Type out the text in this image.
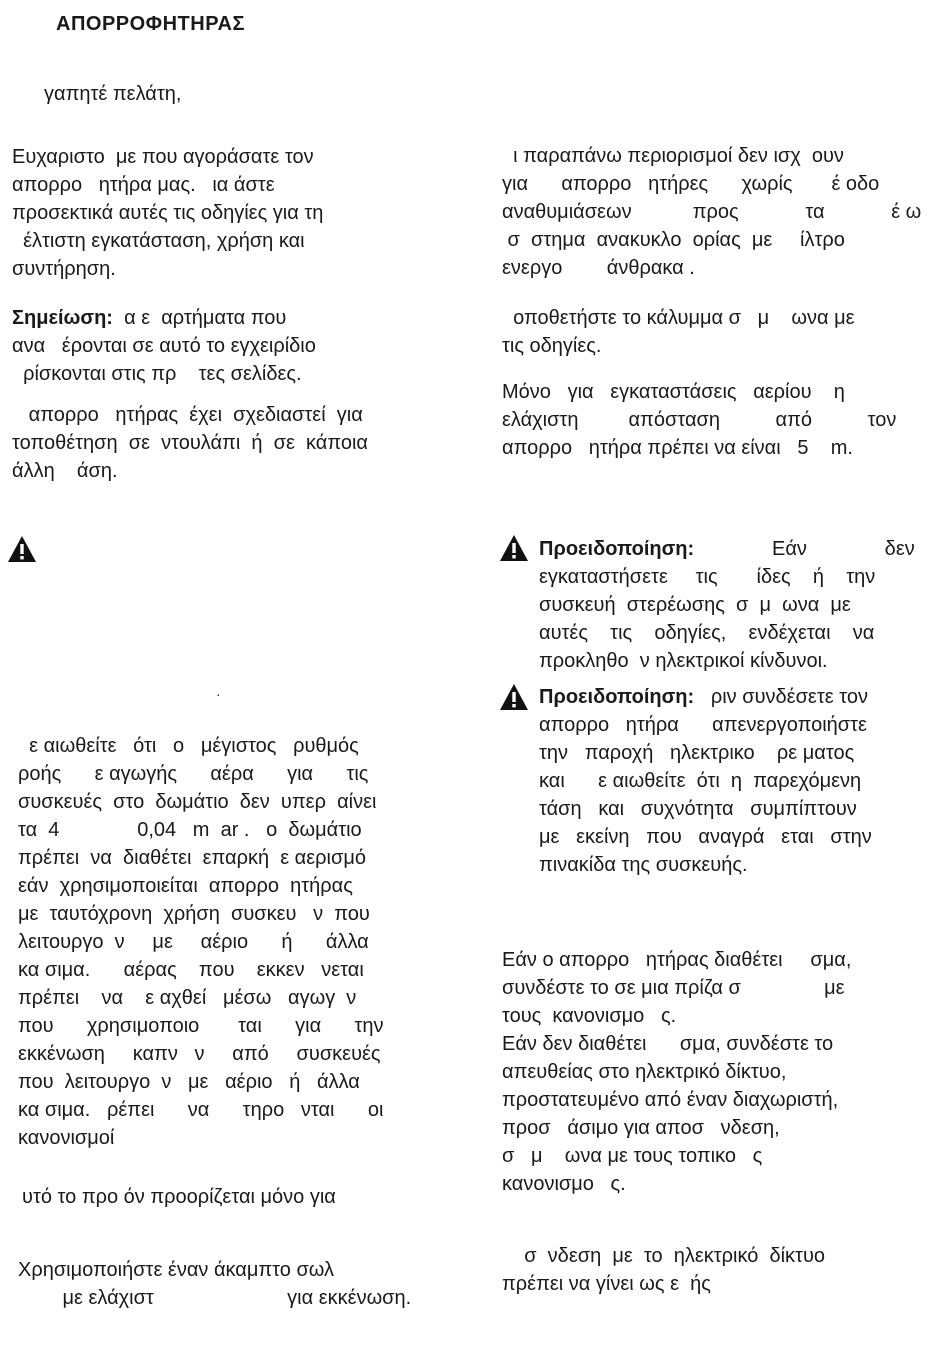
ΑΠΟΡΡΟΦΗΤΗΡΑΣ
γαπητέ πελάτη,
Ευχαριστο  με που αγοράσατε τον
απορρο   ητήρα μας.   ια άστε
προσεκτικά αυτές τις οδηγίες για τη
έλτιστη εγκατάσταση, χρήση και
συντήρηση.
Σημείωση: α ε  αρτήματα που
ανα   έρονται σε αυτό το εγχειρίδιο
ρίσκονται στις πρ    τες σελίδες.
απορρο   ητήρας  έχει  σχεδιαστεί  για
τοποθέτηση  σε  ντουλάπι  ή  σε  κάποια
άλλη    άση.
·
ε αιωθείτε   ότι   ο   μέγιστος   ρυθμός
ροής      ε αγωγής      αέρα      για      τις
συσκευές  στο  δωμάτιο  δεν  υπερ  αίνει
τα  4              0,04   m  ar .   ο  δωμάτιο
πρέπει  να  διαθέτει  επαρκή  ε αερισμό
εάν  χρησιμοποιείται  απορρο  ητήρας
με  ταυτόχρονη  χρήση  συσκευ   ν  που
λειτουργο  ν     με     αέριο      ή      άλλα
κα σιμα.      αέρας    που    εκκεν   νεται
πρέπει    να    ε αχθεί   μέσω   αγωγ  ν
που      χρησιμοποιο       ται      για      την
εκκένωση     καπν   ν     από     συσκευές
που  λειτουργο  ν   με   αέριο   ή   άλλα
κα σιμα.   ρέπει      να      τηρο   νται      οι
κανονισμοί
υτό το προ όν προορίζεται μόνο για
Χρησιμοποιήστε έναν άκαμπτο σωλ
με ελάχιστ                        για εκκένωση.
ι παραπάνω περιορισμοί δεν ισχ  ουν
για      απορρο   ητήρες      χωρίς       έ οδο
αναθυμιάσεων           προς            τα            έ ω
σ  στημα  ανακυκλο  ορίας  με     ίλτρο
ενεργο        άνθρακα .
οποθετήστε το κάλυμμα σ   μ    ωνα με
τις οδηγίες.
Μόνο   για   εγκαταστάσεις   αερίου    η
ελάχιστη         απόσταση          από          τον
απορρο   ητήρα πρέπει να είναι   5    m.
Προειδοποίηση:	Εάν              δεν
εγκαταστήσετε     τις       ίδες    ή    την
συσκευή  στερέωσης  σ  μ  ωνα  με
αυτές    τις    οδηγίες,    ενδέχεται    να
προκληθο  ν ηλεκτρικοί κίνδυνοι.
Προειδοποίηση: ριν συνδέσετε τον
απορρο   ητήρα      απενεργοποιήστε
την   παροχή   ηλεκτρικο    ρε ματος
και      ε αιωθείτε  ότι  η  παρεχόμενη
τάση   και   συχνότητα   συμπίπτουν
με   εκείνη   που   αναγρά   εται   στην
πινακίδα της συσκευής.
Εάν ο απορρο   ητήρας διαθέτει     σμα,
συνδέστε το σε μια πρίζα σ               με
τους  κανονισμο   ς.
Εάν δεν διαθέτει      σμα, συνδέστε το
απευθείας στο ηλεκτρικό δίκτυο,
προστατευμένο από έναν διαχωριστή,
προσ   άσιμο για αποσ   νδεση,
σ   μ    ωνα με τους τοπικο   ς
κανονισμο   ς.
σ  νδεση  με  το  ηλεκτρικό  δίκτυο
πρέπει να γίνει ως ε  ής
